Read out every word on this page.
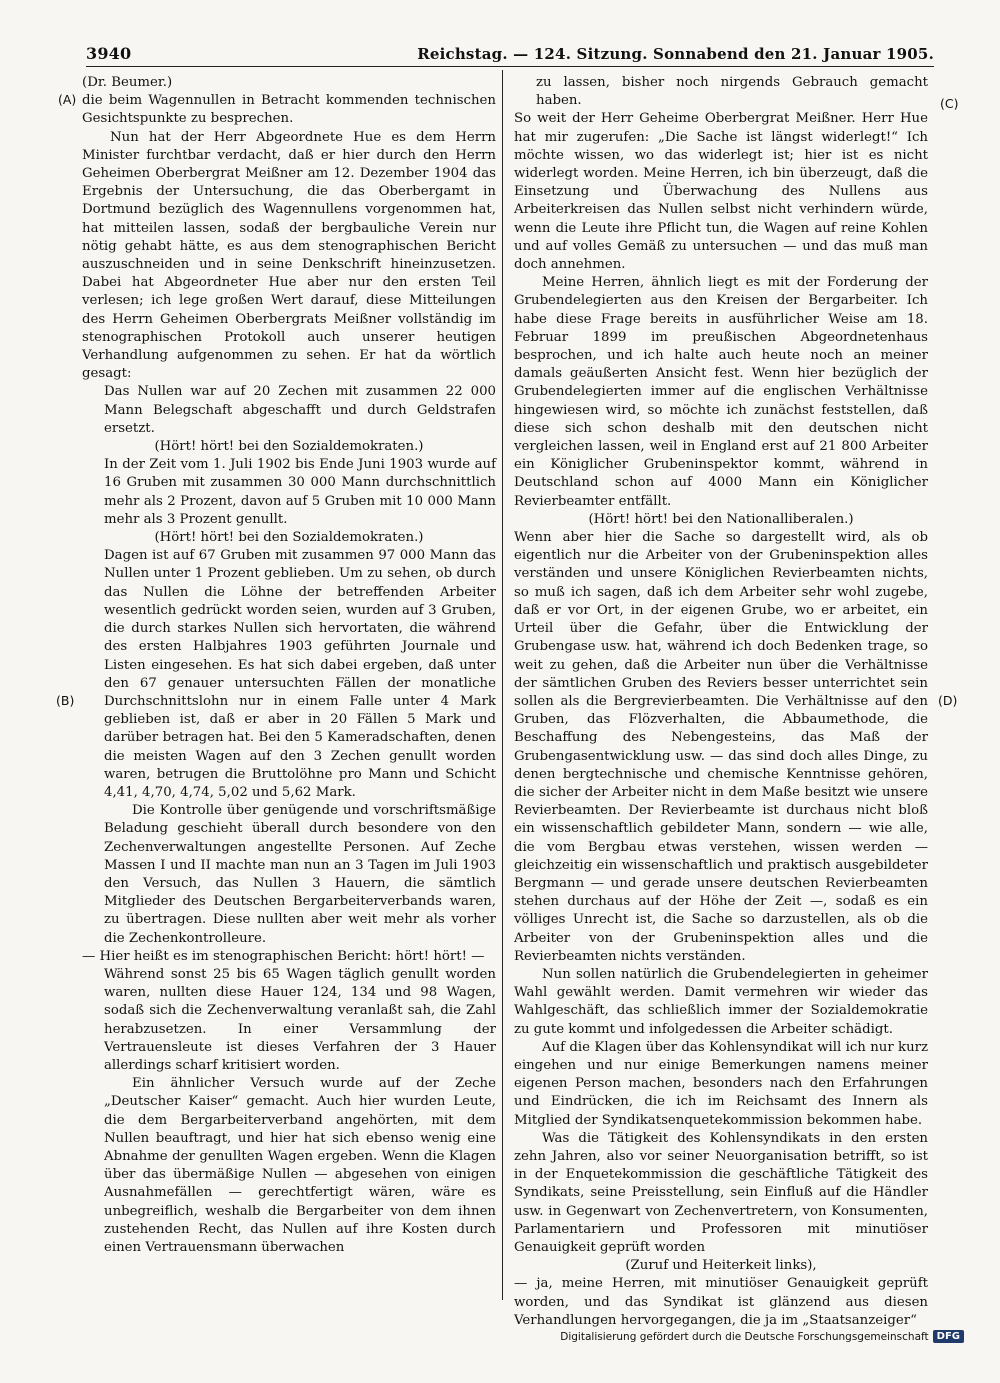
3940	Reichstag. — 124. Sitzung. Sonnabend den 21. Januar 1905.
(A)
(B)
(C)
(D)

(Dr. Beumer.)

die beim Wagennullen in Betracht kommenden technischen Gesichtspunkte zu besprechen.

Nun hat der Herr Abgeordnete Hue es dem Herrn Minister furchtbar verdacht, daß er hier durch den Herrn Geheimen Oberbergrat Meißner am 12. Dezember 1904 das Ergebnis der Untersuchung, die das Oberbergamt in Dortmund bezüglich des Wagennullens vorgenommen hat, hat mitteilen lassen, sodaß der bergbauliche Verein nur nötig gehabt hätte, es aus dem stenographischen Bericht auszuschneiden und in seine Denkschrift hineinzusetzen. Dabei hat Abgeordneter Hue aber nur den ersten Teil verlesen; ich lege großen Wert darauf, diese Mitteilungen des Herrn Geheimen Oberbergrats Meißner vollständig im stenographischen Protokoll auch unserer heutigen Verhandlung aufgenommen zu sehen. Er hat da wörtlich gesagt:

Das Nullen war auf 20 Zechen mit zusammen 22 000 Mann Belegschaft abgeschafft und durch Geldstrafen ersetzt.

(Hört! hört! bei den Sozialdemokraten.)

In der Zeit vom 1. Juli 1902 bis Ende Juni 1903 wurde auf 16 Gruben mit zusammen 30 000 Mann durchschnittlich mehr als 2 Prozent, davon auf 5 Gruben mit 10 000 Mann mehr als 3 Prozent genullt.

(Hört! hört! bei den Sozialdemokraten.)

Dagen ist auf 67 Gruben mit zusammen 97 000 Mann das Nullen unter 1 Prozent geblieben. Um zu sehen, ob durch das Nullen die Löhne der betreffenden Arbeiter wesentlich gedrückt worden seien, wurden auf 3 Gruben, die durch starkes Nullen sich hervortaten, die während des ersten Halbjahres 1903 geführten Journale und Listen eingesehen. Es hat sich dabei ergeben, daß unter den 67 genauer untersuchten Fällen der monatliche Durchschnittslohn nur in einem Falle unter 4 Mark geblieben ist, daß er aber in 20 Fällen 5 Mark und darüber betragen hat. Bei den 5 Kameradschaften, denen die meisten Wagen auf den 3 Zechen genullt worden waren, betrugen die Bruttolöhne pro Mann und Schicht 4,41, 4,70, 4,74, 5,02 und 5,62 Mark.

Die Kontrolle über genügende und vorschriftsmäßige Beladung geschieht überall durch besondere von den Zechenverwaltungen angestellte Personen. Auf Zeche Massen I und II machte man nun an 3 Tagen im Juli 1903 den Versuch, das Nullen 3 Hauern, die sämtlich Mitglieder des Deutschen Bergarbeiterverbands waren, zu übertragen. Diese nullten aber weit mehr als vorher die Zechenkontrolleure.

— Hier heißt es im stenographischen Bericht: hört! hört! —

Während sonst 25 bis 65 Wagen täglich genullt worden waren, nullten diese Hauer 124, 134 und 98 Wagen, sodaß sich die Zechenverwaltung veranlaßt sah, die Zahl herabzusetzen. In einer Versammlung der Vertrauensleute ist dieses Verfahren der 3 Hauer allerdings scharf kritisiert worden.

Ein ähnlicher Versuch wurde auf der Zeche „Deutscher Kaiser“ gemacht. Auch hier wurden Leute, die dem Bergarbeiterverband angehörten, mit dem Nullen beauftragt, und hier hat sich ebenso wenig eine Abnahme der genullten Wagen ergeben. Wenn die Klagen über das übermäßige Nullen — abgesehen von einigen Ausnahmefällen — gerechtfertigt wären, wäre es unbegreiflich, weshalb die Bergarbeiter von dem ihnen zustehenden Recht, das Nullen auf ihre Kosten durch einen Vertrauensmann überwachen

zu lassen, bisher noch nirgends Gebrauch gemacht haben.

So weit der Herr Geheime Oberbergrat Meißner. Herr Hue hat mir zugerufen: „Die Sache ist längst widerlegt!“ Ich möchte wissen, wo das widerlegt ist; hier ist es nicht widerlegt worden. Meine Herren, ich bin überzeugt, daß die Einsetzung und Überwachung des Nullens aus Arbeiterkreisen das Nullen selbst nicht verhindern würde, wenn die Leute ihre Pflicht tun, die Wagen auf reine Kohlen und auf volles Gemäß zu untersuchen — und das muß man doch annehmen.

Meine Herren, ähnlich liegt es mit der Forderung der Grubendelegierten aus den Kreisen der Bergarbeiter. Ich habe diese Frage bereits in ausführlicher Weise am 18. Februar 1899 im preußischen Abgeordnetenhaus besprochen, und ich halte auch heute noch an meiner damals geäußerten Ansicht fest. Wenn hier bezüglich der Grubendelegierten immer auf die englischen Verhältnisse hingewiesen wird, so möchte ich zunächst feststellen, daß diese sich schon deshalb mit den deutschen nicht vergleichen lassen, weil in England erst auf 21 800 Arbeiter ein Königlicher Grubeninspektor kommt, während in Deutschland schon auf 4000 Mann ein Königlicher Revierbeamter entfällt.

(Hört! hört! bei den Nationalliberalen.)

Wenn aber hier die Sache so dargestellt wird, als ob eigentlich nur die Arbeiter von der Grubeninspektion alles verständen und unsere Königlichen Revierbeamten nichts, so muß ich sagen, daß ich dem Arbeiter sehr wohl zugebe, daß er vor Ort, in der eigenen Grube, wo er arbeitet, ein Urteil über die Gefahr, über die Entwicklung der Grubengase usw. hat, während ich doch Bedenken trage, so weit zu gehen, daß die Arbeiter nun über die Verhältnisse der sämtlichen Gruben des Reviers besser unterrichtet sein sollen als die Bergrevierbeamten. Die Verhältnisse auf den Gruben, das Flözverhalten, die Abbaumethode, die Beschaffung des Nebengesteins, das Maß der Grubengasentwicklung usw. — das sind doch alles Dinge, zu denen bergtechnische und chemische Kenntnisse gehören, die sicher der Arbeiter nicht in dem Maße besitzt wie unsere Revierbeamten. Der Revierbeamte ist durchaus nicht bloß ein wissenschaftlich gebildeter Mann, sondern — wie alle, die vom Bergbau etwas verstehen, wissen werden — gleichzeitig ein wissenschaftlich und praktisch ausgebildeter Bergmann — und gerade unsere deutschen Revierbeamten stehen durchaus auf der Höhe der Zeit —, sodaß es ein völliges Unrecht ist, die Sache so darzustellen, als ob die Arbeiter von der Grubeninspektion alles und die Revierbeamten nichts verständen.

Nun sollen natürlich die Grubendelegierten in geheimer Wahl gewählt werden. Damit vermehren wir wieder das Wahlgeschäft, das schließlich immer der Sozialdemokratie zu gute kommt und infolgedessen die Arbeiter schädigt.

Auf die Klagen über das Kohlensyndikat will ich nur kurz eingehen und nur einige Bemerkungen namens meiner eigenen Person machen, besonders nach den Erfahrungen und Eindrücken, die ich im Reichsamt des Innern als Mitglied der Syndikatsenquetekommission bekommen habe.

Was die Tätigkeit des Kohlensyndikats in den ersten zehn Jahren, also vor seiner Neuorganisation betrifft, so ist in der Enquetekommission die geschäftliche Tätigkeit des Syndikats, seine Preisstellung, sein Einfluß auf die Händler usw. in Gegenwart von Zechenvertretern, von Konsumenten, Parlamentariern und Professoren mit minutiöser Genauigkeit geprüft worden

(Zuruf und Heiterkeit links),

— ja, meine Herren, mit minutiöser Genauigkeit geprüft worden, und das Syndikat ist glänzend aus diesen Verhandlungen hervorgegangen, die ja im „Staatsanzeiger“

Digitalisierung gefördert durch die Deutsche Forschungsgemeinschaft DFG
